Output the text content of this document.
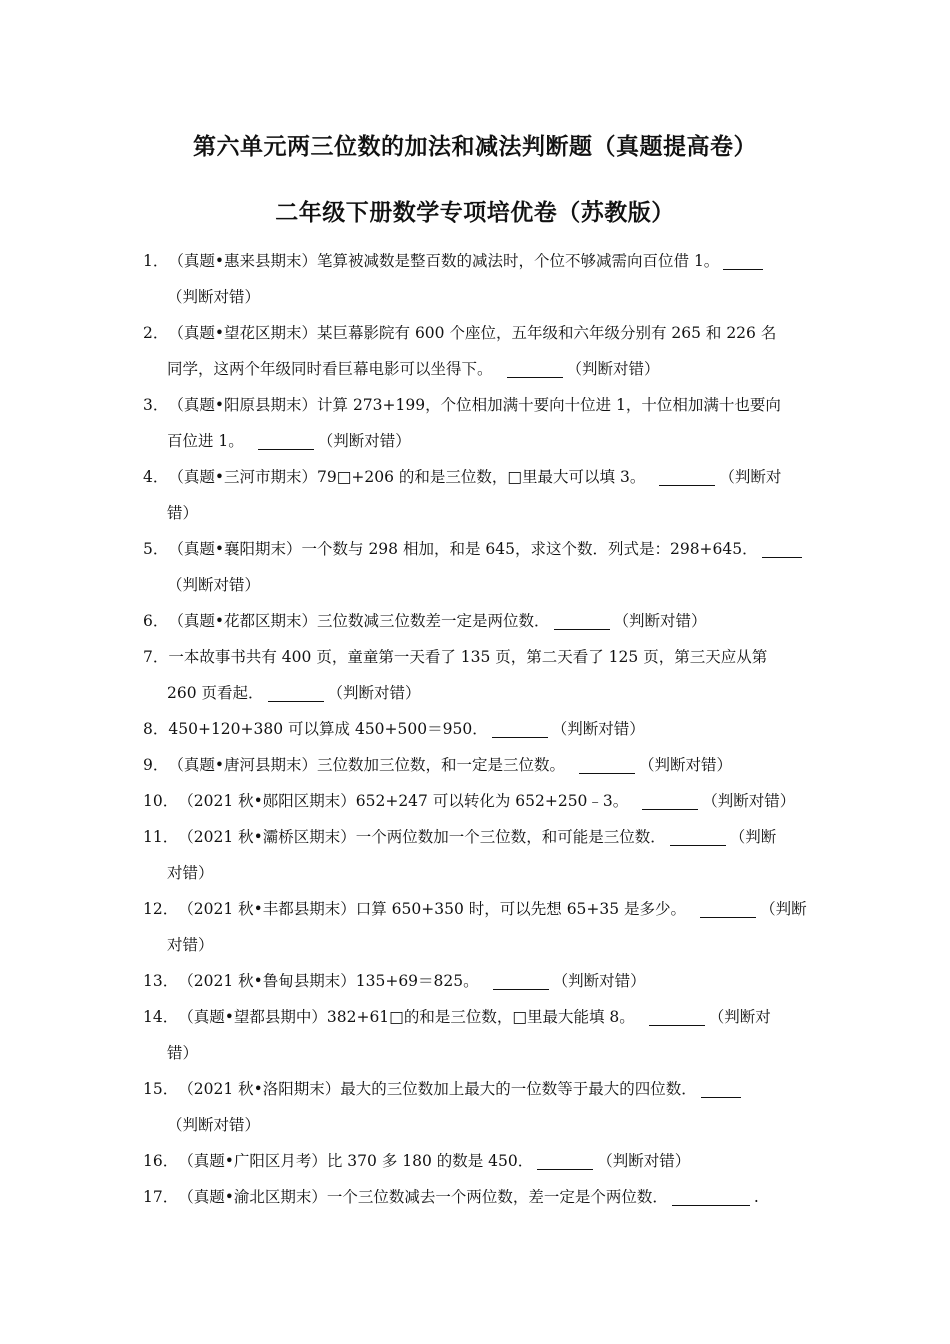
第六单元两三位数的加法和减法判断题（真题提高卷）
二年级下册数学专项培优卷（苏教版）
1．（真题•惠来县期末）笔算被减数是整百数的减法时，个位不够减需向百位借 1。
（判断对错）
2．（真题•望花区期末）某巨幕影院有 600 个座位，五年级和六年级分别有 265 和 226 名
同学，这两个年级同时看巨幕电影可以坐得下。	（判断对错）
3．（真题•阳原县期末）计算 273+199，个位相加满十要向十位进 1，十位相加满十也要向
百位进 1。	（判断对错）
4．（真题•三河市期末）79□+206 的和是三位数，□里最大可以填 3。	（判断对
错）
5．（真题•襄阳期末）一个数与 298 相加，和是 645，求这个数．列式是：298+645．
（判断对错）
6．（真题•花都区期末）三位数减三位数差一定是两位数．	（判断对错）
7．一本故事书共有 400 页，童童第一天看了 135 页，第二天看了 125 页，第三天应从第
260 页看起．	（判断对错）
8．450+120+380 可以算成 450+500＝950．	（判断对错）
9．（真题•唐河县期末）三位数加三位数，和一定是三位数。	（判断对错）
10．（2021 秋•郧阳区期末）652+247 可以转化为 652+250﹣3。	（判断对错）
11．（2021 秋•灞桥区期末）一个两位数加一个三位数，和可能是三位数．	（判断
对错）
12．（2021 秋•丰都县期末）口算 650+350 时，可以先想 65+35 是多少。	（判断
对错）
13．（2021 秋•鲁甸县期末）135+69＝825。	（判断对错）
14．（真题•望都县期中）382+61□的和是三位数，□里最大能填 8。	（判断对
错）
15．（2021 秋•洛阳期末）最大的三位数加上最大的一位数等于最大的四位数．
（判断对错）
16．（真题•广阳区月考）比 370 多 180 的数是 450．	（判断对错）
17．（真题•渝北区期末）一个三位数减去一个两位数，差一定是个两位数．	.
